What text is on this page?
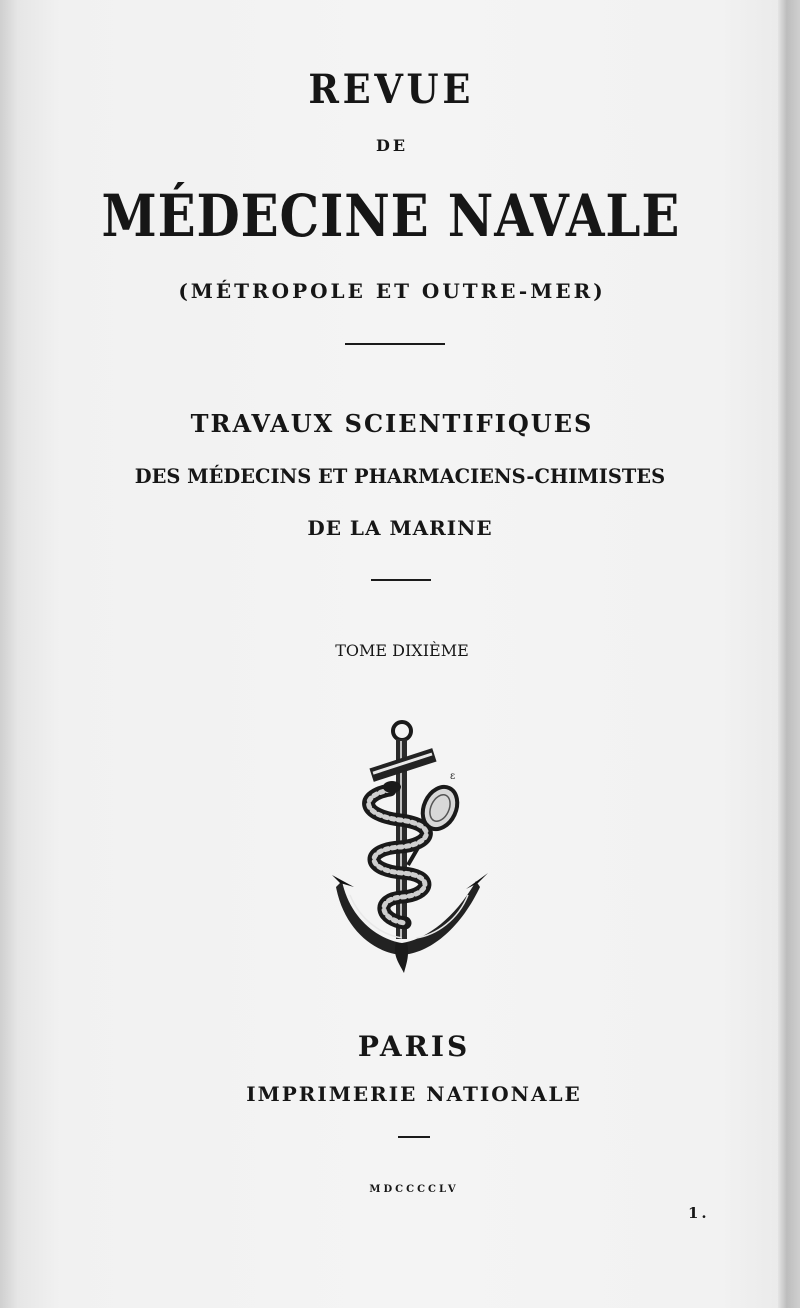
REVUE
DE
MÉDECINE NAVALE
(MÉTROPOLE ET OUTRE-MER)
TRAVAUX SCIENTIFIQUES
DES MÉDECINS ET PHARMACIENS-CHIMISTES
DE LA MARINE
TOME DIXIÈME
ε
PARIS
IMPRIMERIE NATIONALE
MDCCCCLV
1.
